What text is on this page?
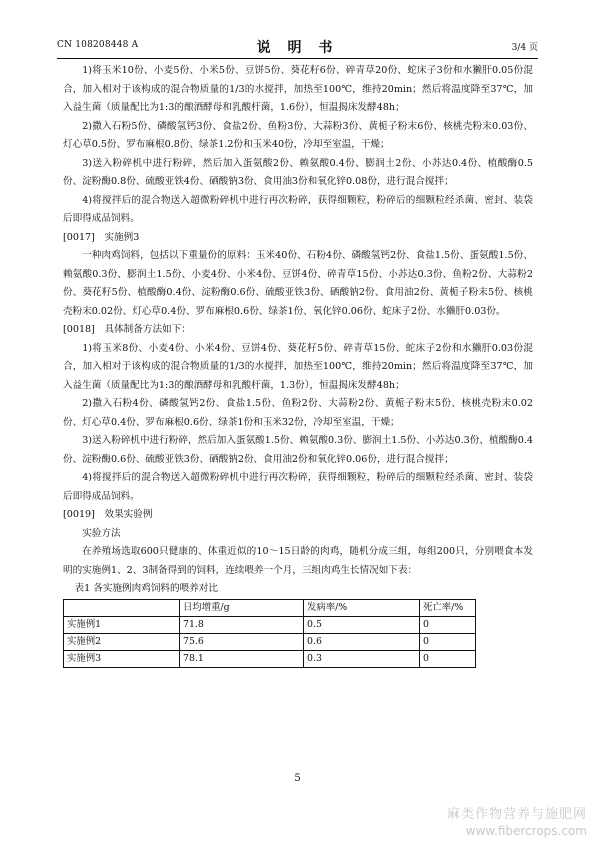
CN 108208448 A	说 明 书	3/4 页

1)将玉米10份、小麦5份、小米5份、豆饼5份、葵花籽6份、碎青草20份、蛇床子3份和水獭肝0.05份混合，加入相对于该构成的混合物质量的1/3的水搅拌，加热至100℃，维持20min；然后将温度降至37℃，加入益生菌（质量配比为1:3的酿酒酵母和乳酸杆菌，1.6份），恒温揭床发酵48h；

2)撒入石粉5份、磷酸氢钙3份、食盐2份、鱼粉3份、大蒜粉3份、黄栀子粉末6份、核桃壳粉末0.03份、灯心草0.5份、罗布麻根0.8份、绿茶1.2份和玉米40份，冷却至室温，干燥；

3)送入粉碎机中进行粉碎，然后加入蛋氨酸2份、赖氨酸0.4份、膨润土2份、小苏达0.4份、植酸酶0.5份、淀粉酶0.8份、硫酸亚铁4份、硒酸钠3份、食用油3份和氧化锌0.08份，进行混合搅拌；

4)将搅拌后的混合物送入超微粉碎机中进行再次粉碎，获得细颗粒，粉碎后的细颗粒经杀菌、密封、装袋后即得成品饲料。

[0017]　实施例3

一种肉鸡饲料，包括以下重量份的原料：玉米40份、石粉4份、磷酸氢钙2份、食盐1.5份、蛋氨酸1.5份、赖氨酸0.3份、膨润土1.5份、小麦4份、小米4份、豆饼4份、碎青草15份、小苏达0.3份、鱼粉2份、大蒜粉2份、葵花籽5份、植酸酶0.4份、淀粉酶0.6份、硫酸亚铁3份、硒酸钠2份、食用油2份、黄栀子粉末5份、核桃壳粉末0.02份、灯心草0.4份、罗布麻根0.6份、绿茶1份、氧化锌0.06份、蛇床子2份、水獭肝0.03份。

[0018]　具体制备方法如下：

1)将玉米8份、小麦4份、小米4份、豆饼4份、葵花籽5份、碎青草15份、蛇床子2份和水獭肝0.03份混合，加入相对于该构成的混合物质量的1/3的水搅拌，加热至100℃，维持20min；然后将温度降至37℃，加入益生菌（质量配比为1:3的酿酒酵母和乳酸杆菌，1.3份），恒温揭床发酵48h；

2)撒入石粉4份、磷酸氢钙2份、食盐1.5份、鱼粉2份、大蒜粉2份、黄栀子粉末5份、核桃壳粉末0.02份、灯心草0.4份、罗布麻根0.6份、绿茶1份和玉米32份，冷却至室温，干燥；

3)送入粉碎机中进行粉碎，然后加入蛋氨酸1.5份、赖氨酸0.3份、膨润土1.5份、小苏达0.3份、植酸酶0.4份、淀粉酶0.6份、硫酸亚铁3份、硒酸钠2份、食用油2份和氧化锌0.06份，进行混合搅拌；

4)将搅拌后的混合物送入超微粉碎机中进行再次粉碎，获得细颗粒，粉碎后的细颗粒经杀菌、密封、装袋后即得成品饲料。

[0019]　效果实验例

实验方法

在养殖场选取600只健康的、体重近似的10～15日龄的肉鸡，随机分成三组，每组200只，分别喂食本发明的实施例1、2、3制备得到的饲料，连续喂养一个月，三组肉鸡生长情况如下表：

表1 各实施例肉鸡饲料的喂养对比

	日均增重/g	发病率/%	死亡率/%
实施例1	71.8	0.5	0
实施例2	75.6	0.6	0
实施例3	78.1	0.3	0
5
麻类作物营养与施肥网
www.fibercrops.com
